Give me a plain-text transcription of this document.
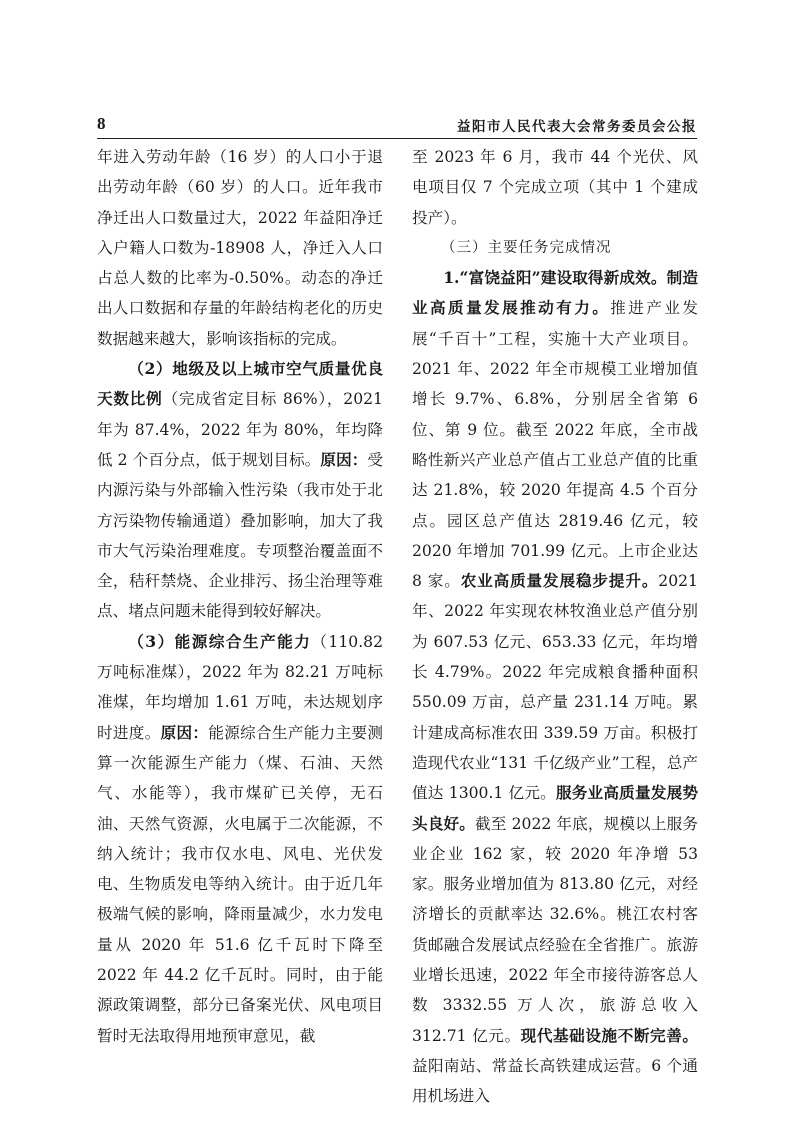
8	益阳市人民代表大会常务委员会公报

年进入劳动年龄（16 岁）的人口小于退出劳动年龄（60 岁）的人口。近年我市净迁出人口数量过大，2022 年益阳净迁入户籍人口数为-18908 人，净迁入人口占总人数的比率为-0.50%。动态的净迁出人口数据和存量的年龄结构老化的历史数据越来越大，影响该指标的完成。

（2）地级及以上城市空气质量优良天数比例（完成省定目标 86%），2021 年为 87.4%，2022 年为 80%，年均降低 2 个百分点，低于规划目标。原因：受内源污染与外部输入性污染（我市处于北方污染物传输通道）叠加影响，加大了我市大气污染治理难度。专项整治覆盖面不全，秸秆禁烧、企业排污、扬尘治理等难点、堵点问题未能得到较好解决。

（3）能源综合生产能力（110.82 万吨标准煤），2022 年为 82.21 万吨标准煤，年均增加 1.61 万吨，未达规划序时进度。原因：能源综合生产能力主要测算一次能源生产能力（煤、石油、天然气、水能等），我市煤矿已关停，无石油、天然气资源，火电属于二次能源，不纳入统计；我市仅水电、风电、光伏发电、生物质发电等纳入统计。由于近几年极端气候的影响，降雨量减少，水力发电量从 2020 年 51.6 亿千瓦时下降至 2022 年 44.2 亿千瓦时。同时，由于能源政策调整，部分已备案光伏、风电项目暂时无法取得用地预审意见，截

至 2023 年 6 月，我市 44 个光伏、风电项目仅 7 个完成立项（其中 1 个建成投产）。

（三）主要任务完成情况

1.“富饶益阳”建设取得新成效。制造业高质量发展推动有力。推进产业发展“千百十”工程，实施十大产业项目。2021 年、2022 年全市规模工业增加值增长 9.7%、6.8%，分别居全省第 6 位、第 9 位。截至 2022 年底，全市战略性新兴产业总产值占工业总产值的比重达 21.8%，较 2020 年提高 4.5 个百分点。园区总产值达 2819.46 亿元，较 2020 年增加 701.99 亿元。上市企业达 8 家。农业高质量发展稳步提升。2021 年、2022 年实现农林牧渔业总产值分别为 607.53 亿元、653.33 亿元，年均增长 4.79%。2022 年完成粮食播种面积 550.09 万亩，总产量 231.14 万吨。累计建成高标准农田 339.59 万亩。积极打造现代农业“131 千亿级产业”工程，总产值达 1300.1 亿元。服务业高质量发展势头良好。截至 2022 年底，规模以上服务业企业 162 家，较 2020 年净增 53 家。服务业增加值为 813.80 亿元，对经济增长的贡献率达 32.6%。桃江农村客货邮融合发展试点经验在全省推广。旅游业增长迅速，2022 年全市接待游客总人数 3332.55 万人次，旅游总收入 312.71 亿元。现代基础设施不断完善。益阳南站、常益长高铁建成运营。6 个通用机场进入
